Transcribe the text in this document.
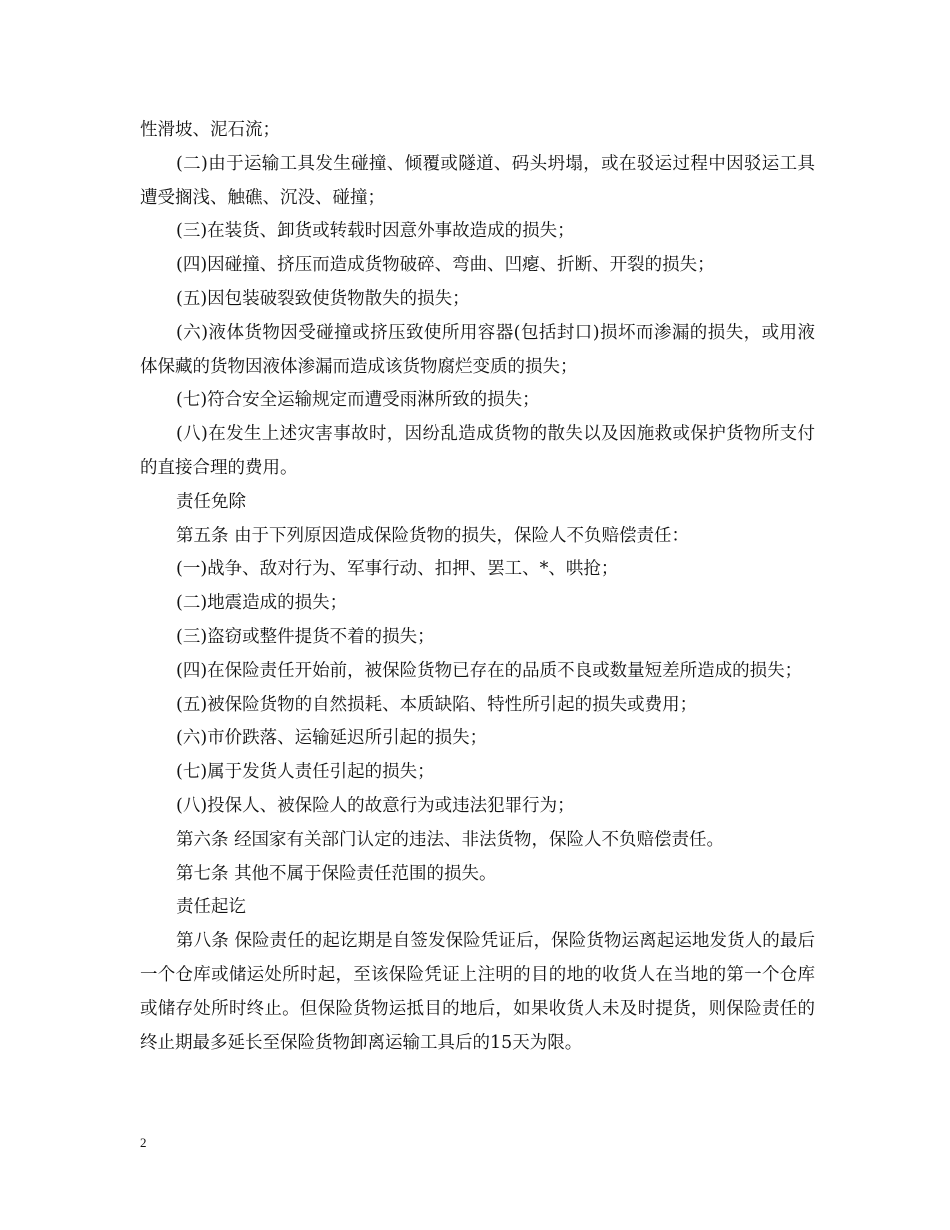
性滑坡、泥石流；

(二)由于运输工具发生碰撞、倾覆或隧道、码头坍塌，或在驳运过程中因驳运工具遭受搁浅、触礁、沉没、碰撞；

(三)在装货、卸货或转载时因意外事故造成的损失；

(四)因碰撞、挤压而造成货物破碎、弯曲、凹瘪、折断、开裂的损失；

(五)因包装破裂致使货物散失的损失；

(六)液体货物因受碰撞或挤压致使所用容器(包括封口)损坏而渗漏的损失，或用液体保藏的货物因液体渗漏而造成该货物腐烂变质的损失；

(七)符合安全运输规定而遭受雨淋所致的损失；

(八)在发生上述灾害事故时，因纷乱造成货物的散失以及因施救或保护货物所支付的直接合理的费用。

责任免除

第五条 由于下列原因造成保险货物的损失，保险人不负赔偿责任：

(一)战争、敌对行为、军事行动、扣押、罢工、*、哄抢；

(二)地震造成的损失；

(三)盗窃或整件提货不着的损失；

(四)在保险责任开始前，被保险货物已存在的品质不良或数量短差所造成的损失；

(五)被保险货物的自然损耗、本质缺陷、特性所引起的损失或费用；

(六)市价跌落、运输延迟所引起的损失；

(七)属于发货人责任引起的损失；

(八)投保人、被保险人的故意行为或违法犯罪行为；

第六条 经国家有关部门认定的违法、非法货物，保险人不负赔偿责任。

第七条 其他不属于保险责任范围的损失。

责任起讫

第八条 保险责任的起讫期是自签发保险凭证后，保险货物运离起运地发货人的最后一个仓库或储运处所时起，至该保险凭证上注明的目的地的收货人在当地的第一个仓库或储存处所时终止。但保险货物运抵目的地后，如果收货人未及时提货，则保险责任的终止期最多延长至保险货物卸离运输工具后的15天为限。

2
